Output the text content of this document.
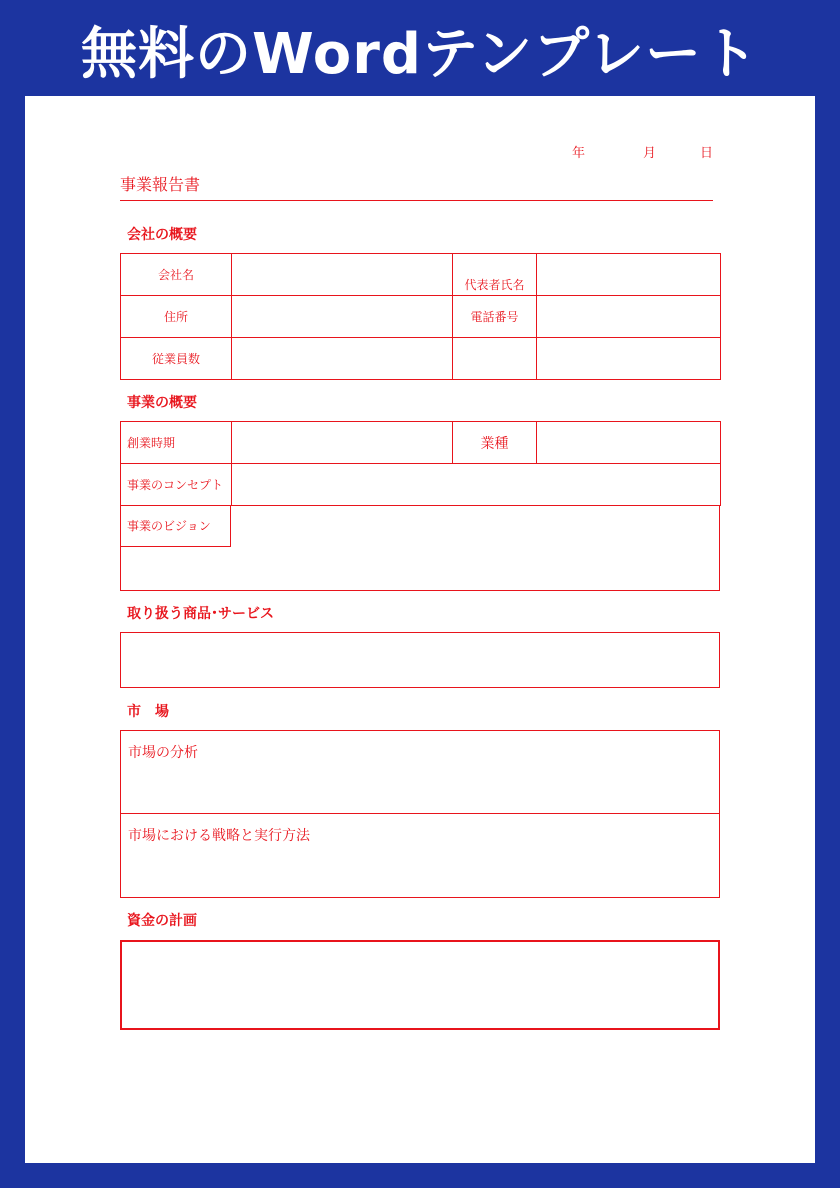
無料のWordテンプレート
年	月	日
事業報告書
会社の概要
会社名		代表者氏名	
住所		電話番号	
従業員数			
事業の概要
創業時期		業種	
事業のコンセプト			
事業のビジョン
取り扱う商品･サービス
市　場
市場の分析
市場における戦略と実行方法
資金の計画
